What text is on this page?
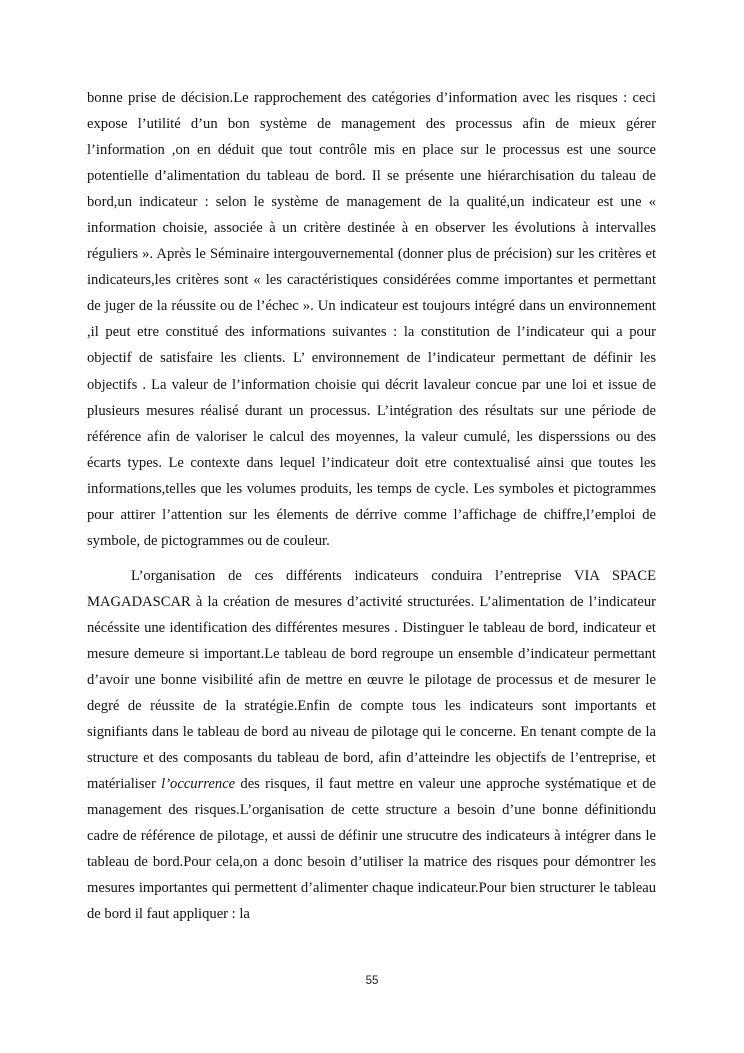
bonne prise de décision.Le rapprochement des catégories d’information avec les risques : ceci expose l’utilité d’un bon système de management des processus afin de mieux gérer l’information ,on en déduit que tout contrôle mis en place sur le processus est une source potentielle d’alimentation du tableau de bord. Il se présente une hiérarchisation du taleau de bord,un indicateur : selon le système de management de la qualité,un indicateur est une « information choisie, associée à un critère destinée à en observer les évolutions à intervalles réguliers ». Après le Séminaire intergouvernemental (donner plus de précision) sur les critères et indicateurs,les critères sont « les caractéristiques considérées comme importantes et permettant de juger de la réussite ou de l’échec ». Un indicateur est toujours intégré dans un environnement ,il peut etre constitué des informations suivantes : la constitution de l’indicateur qui a pour objectif de satisfaire les clients. L’ environnement de l’indicateur permettant de définir les objectifs . La valeur de l’information choisie qui décrit lavaleur concue par une loi et issue de plusieurs mesures réalisé durant un processus. L’intégration des résultats sur une période de référence afin de valoriser le calcul des moyennes, la valeur cumulé, les disperssions ou des écarts types. Le contexte dans lequel l’indicateur doit etre contextualisé ainsi que toutes les informations,telles que les volumes produits, les temps de cycle. Les symboles et pictogrammes pour attirer l’attention sur les élements de dérrive comme l’affichage de chiffre,l’emploi de symbole, de pictogrammes ou de couleur.

L’organisation de ces différents indicateurs conduira l’entreprise VIA SPACE MAGADASCAR à la création de mesures d’activité structurées. L’alimentation de l’indicateur nécéssite une identification des différentes mesures . Distinguer le tableau de bord, indicateur et mesure demeure si important.Le tableau de bord regroupe un ensemble d’indicateur permettant d’avoir une bonne visibilité afin de mettre en œuvre le pilotage de processus et de mesurer le degré de réussite de la stratégie.Enfin de compte tous les indicateurs sont importants et signifiants dans le tableau de bord au niveau de pilotage qui le concerne. En tenant compte de la structure et des composants du tableau de bord, afin d’atteindre les objectifs de l’entreprise, et matérialiser l’occurrence des risques, il faut mettre en valeur une approche systématique et de management des risques.L’organisation de cette structure a besoin d’une bonne définitiondu cadre de référence de pilotage, et aussi de définir une strucutre des indicateurs à intégrer dans le tableau de bord.Pour cela,on a donc besoin d’utiliser la matrice des risques pour démontrer les mesures importantes qui permettent d’alimenter chaque indicateur.Pour bien structurer le tableau de bord il faut appliquer : la

55
